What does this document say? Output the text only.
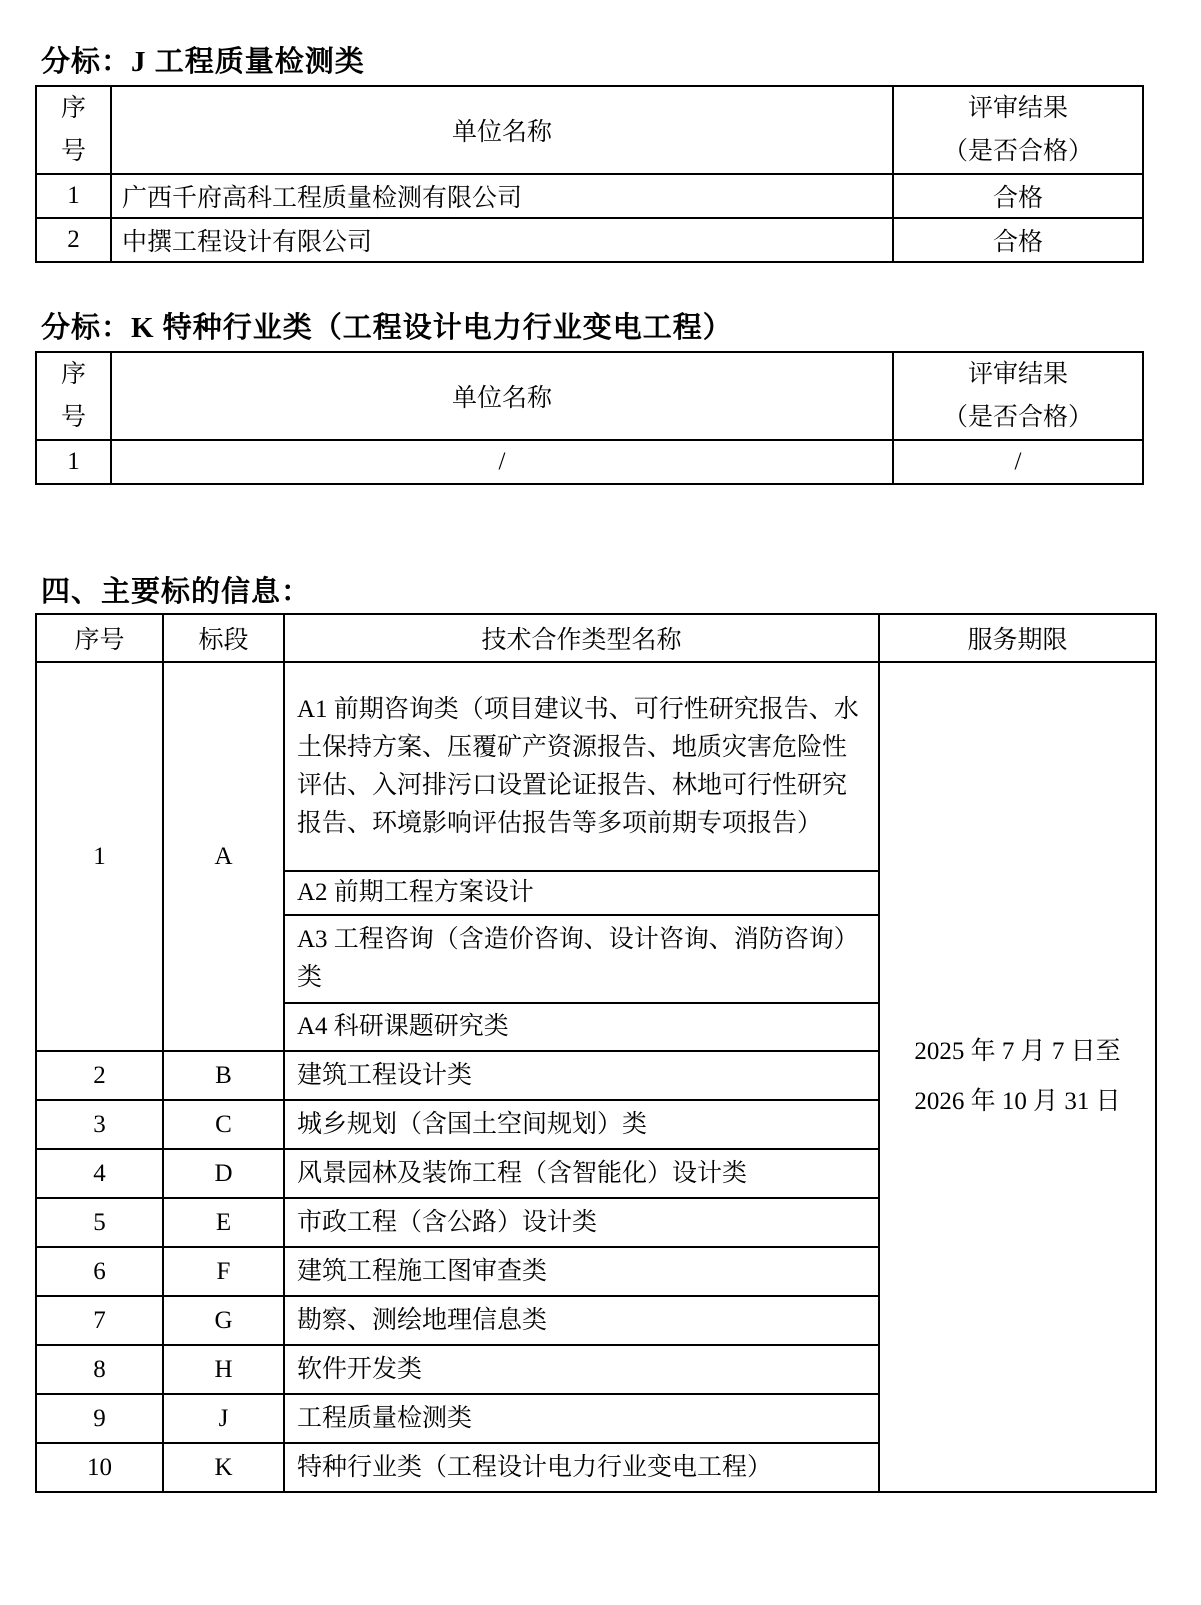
分标：J 工程质量检测类
序号	单位名称	评审结果
（是否合格）

1	广西千府高科工程质量检测有限公司	合格
2	中撰工程设计有限公司	合格
分标：K 特种行业类（工程设计电力行业变电工程）
序号	单位名称	评审结果
（是否合格）

1	/	/
四、主要标的信息：
序号	标段	技术合作类型名称	服务期限
1	A	A1 前期咨询类（项目建议书、可行性研究报告、水土保持方案、压覆矿产资源报告、地质灾害危险性评估、入河排污口设置论证报告、林地可行性研究报告、环境影响评估报告等多项前期专项报告）	2025 年 7 月 7 日至
2026 年 10 月 31 日

		A2 前期工程方案设计	
		A3 工程咨询（含造价咨询、设计咨询、消防咨询）类	
		A4 科研课题研究类	
2	B	建筑工程设计类	
3	C	城乡规划（含国土空间规划）类	
4	D	风景园林及装饰工程（含智能化）设计类	
5	E	市政工程（含公路）设计类	
6	F	建筑工程施工图审查类	
7	G	勘察、测绘地理信息类	
8	H	软件开发类	
9	J	工程质量检测类	
10	K	特种行业类（工程设计电力行业变电工程）	
